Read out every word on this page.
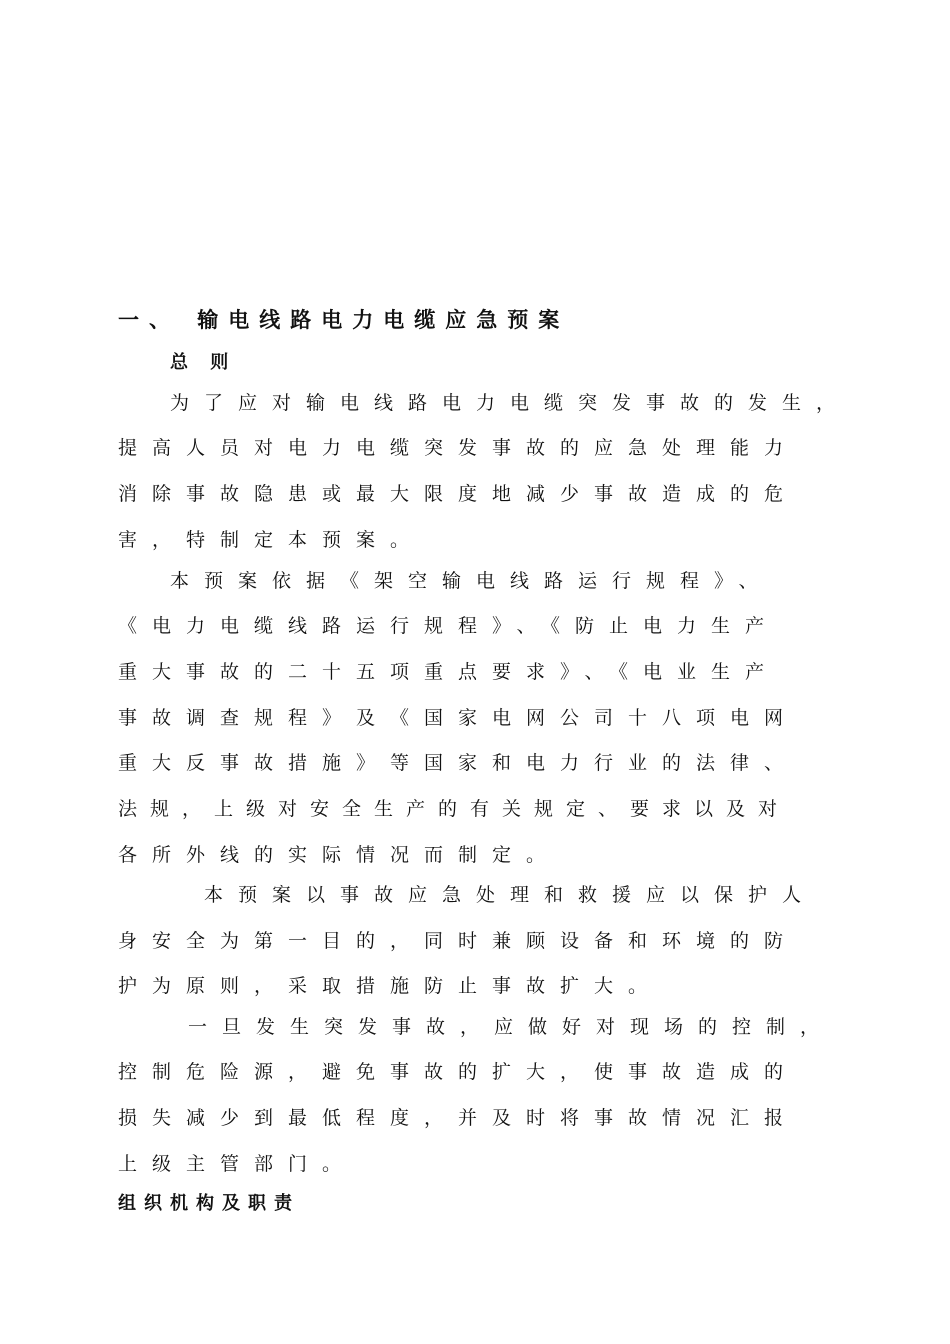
一、 输电线路电力电缆应急预案
总 则
为了应对输电线路电力电缆突发事故的发生，
提高人员对电力电缆突发事故的应急处理能力
消除事故隐患或最大限度地减少事故造成的危
害，特制定本预案。
本预案依据《架空输电线路运行规程》、
《电力电缆线路运行规程》、《防止电力生产
重大事故的二十五项重点要求》、《电业生产
事故调查规程》及《国家电网公司十八项电网
重大反事故措施》等国家和电力行业的法律、
法规，上级对安全生产的有关规定、要求以及对
各所外线的实际情况而制定。
本预案以事故应急处理和救援应以保护人
身安全为第一目的，同时兼顾设备和环境的防
护为原则，采取措施防止事故扩大。
一旦发生突发事故，应做好对现场的控制，
控制危险源，避免事故的扩大，使事故造成的
损失减少到最低程度，并及时将事故情况汇报
上级主管部门。
组织机构及职责
